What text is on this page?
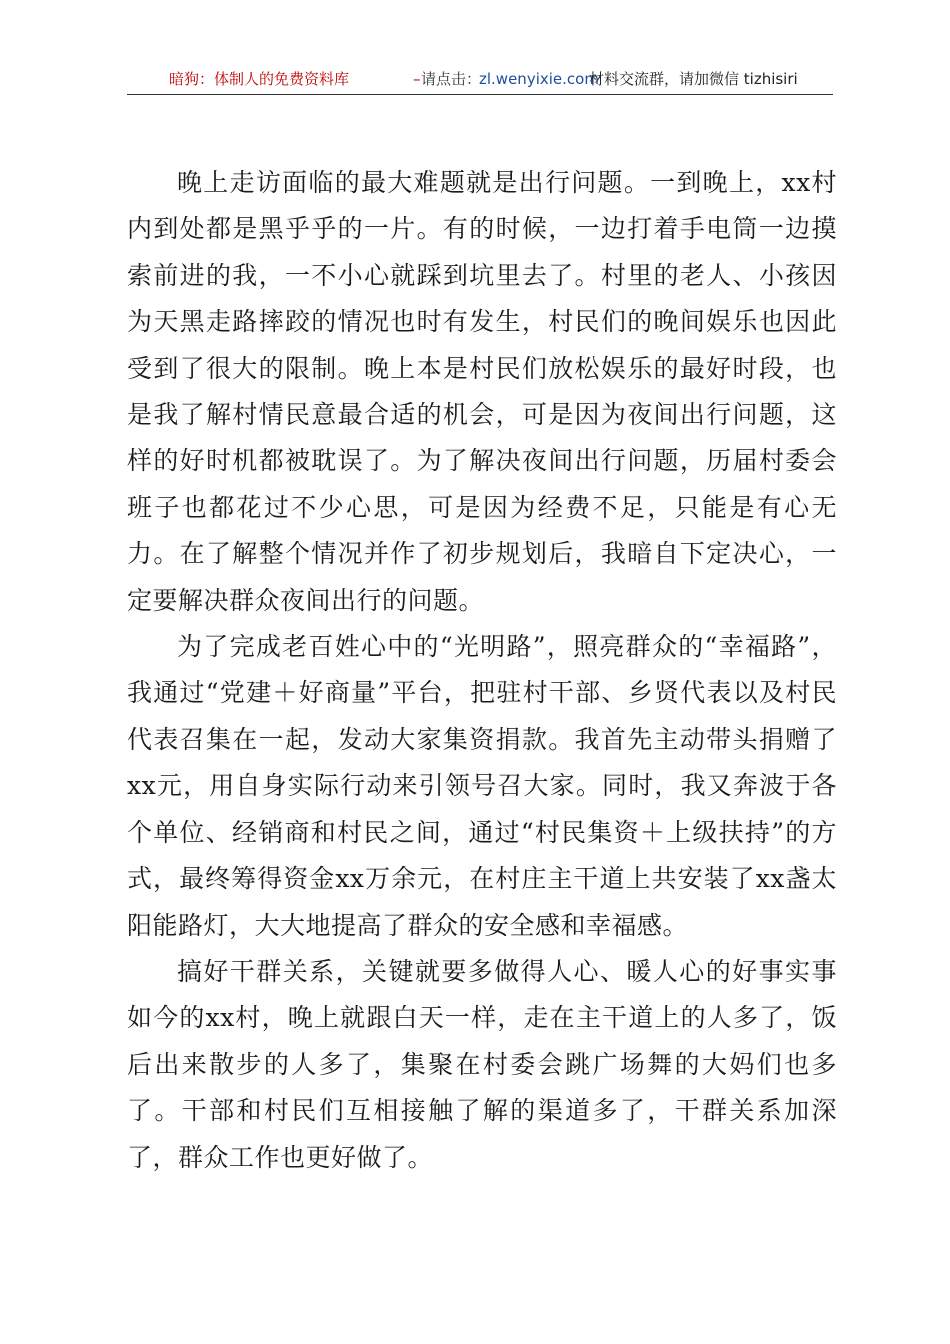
暗狗：体制人的免费资料库	– 请点击：
zl.wenyixie.com
材料交流群，请加微信 tizhisiri

晚上走访面临的最大难题就是出行问题。一到晚上，xx村内到处都是黑乎乎的一片。有的时候，一边打着手电筒一边摸索前进的我，一不小心就踩到坑里去了。村里的老人、小孩因为天黑走路摔跤的情况也时有发生，村民们的晚间娱乐也因此受到了很大的限制。晚上本是村民们放松娱乐的最好时段，也是我了解村情民意最合适的机会，可是因为夜间出行问题，这样的好时机都被耽误了。为了解决夜间出行问题，历届村委会班子也都花过不少心思，可是因为经费不足，只能是有心无力。在了解整个情况并作了初步规划后，我暗自下定决心，一定要解决群众夜间出行的问题。

为了完成老百姓心中的“光明路”，照亮群众的“幸福路”，我通过“党建＋好商量”平台，把驻村干部、乡贤代表以及村民代表召集在一起，发动大家集资捐款。我首先主动带头捐赠了xx元，用自身实际行动来引领号召大家。同时，我又奔波于各个单位、经销商和村民之间，通过“村民集资＋上级扶持”的方式，最终筹得资金xx万余元，在村庄主干道上共安装了xx盏太阳能路灯，大大地提高了群众的安全感和幸福感。

搞好干群关系，关键就要多做得人心、暖人心的好事实事如今的xx村，晚上就跟白天一样，走在主干道上的人多了，饭后出来散步的人多了，集聚在村委会跳广场舞的大妈们也多了。干部和村民们互相接触了解的渠道多了，干群关系加深了，群众工作也更好做了。
